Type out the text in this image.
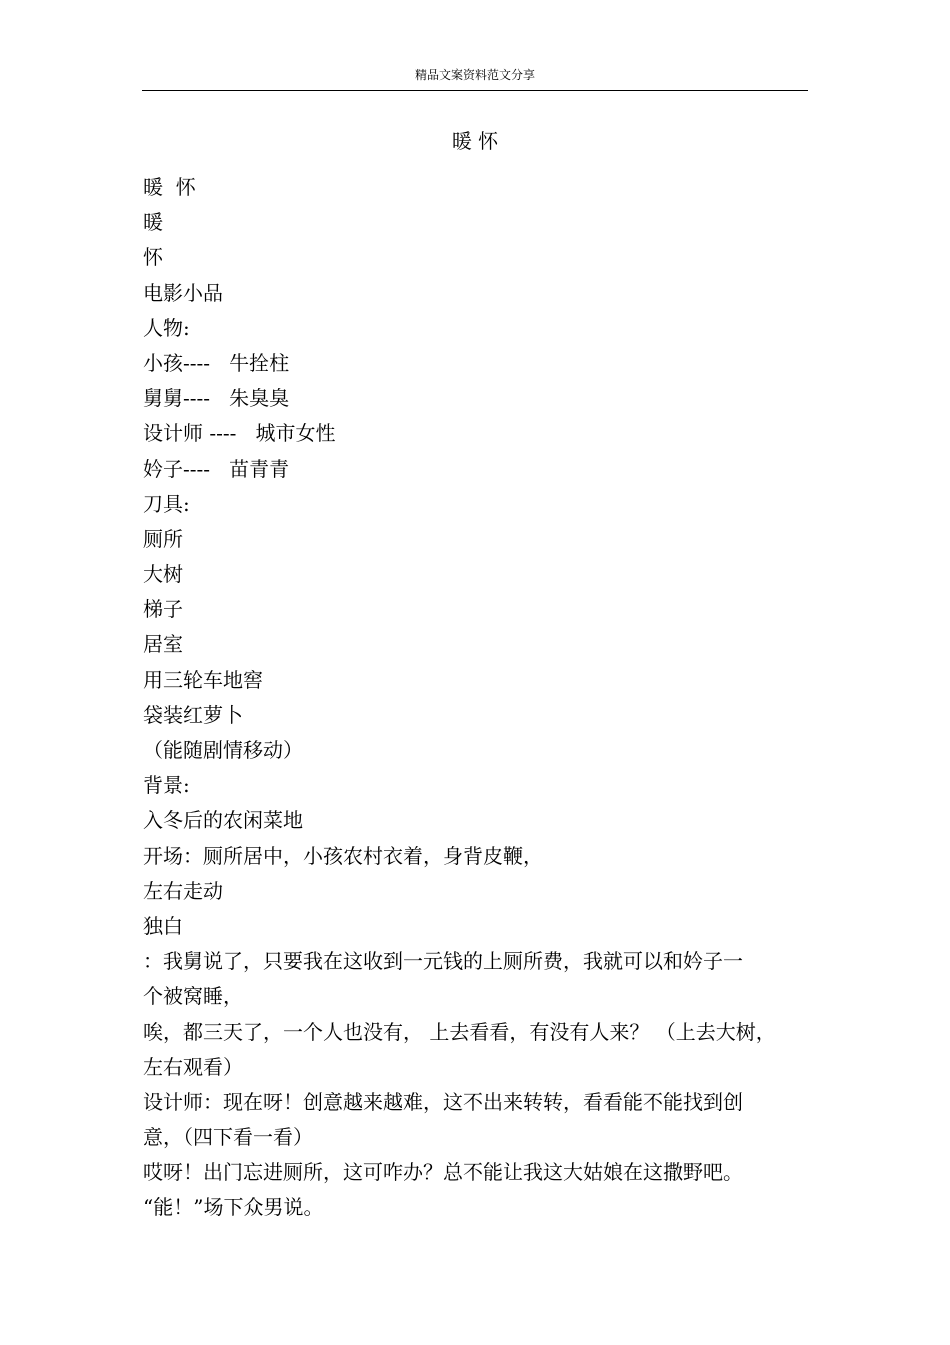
精品文案资料范文分享
暖 怀
暖  怀
暖
怀
电影小品
人物:
小孩----   牛拴柱
舅舅----   朱臭臭
设计师 ----   城市女性
妗子----   苗青青
刀具:
厕所
大树
梯子
居室
用三轮车地窖
袋装红萝卜
（能随剧情移动）
背景:
入冬后的农闲菜地
开场：厕所居中，小孩农村衣着，身背皮鞭，
左右走动
独白
：我舅说了，只要我在这收到一元钱的上厕所费，我就可以和妗子一
个被窝睡，
唉，都三天了，一个人也没有， 上去看看，有没有人来？ （上去大树，
左右观看）
设计师：现在呀！创意越来越难，这不出来转转，看看能不能找到创
意，（四下看一看）
哎呀！出门忘进厕所，这可咋办？总不能让我这大姑娘在这撒野吧。
“能！”场下众男说。
